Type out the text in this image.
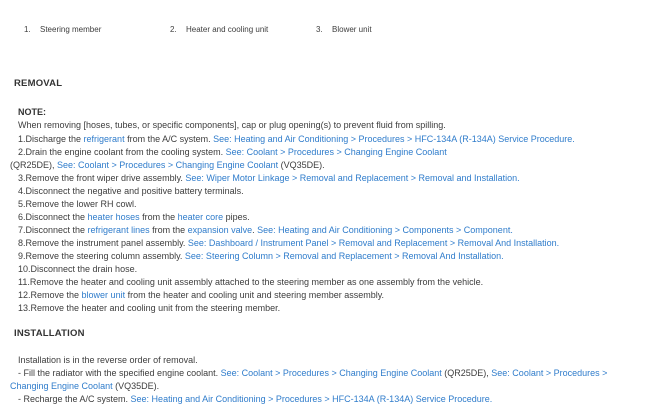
1. Steering member	2. Heater and cooling unit	3. Blower unit
REMOVAL
NOTE:
When removing [hoses, tubes, or specific components], cap or plug opening(s) to prevent fluid from spilling.
1.Discharge the refrigerant from the A/C system. See: Heating and Air Conditioning > Procedures > HFC-134A (R-134A) Service Procedure.
2.Drain the engine coolant from the cooling system. See: Coolant > Procedures > Changing Engine Coolant
(QR25DE), See: Coolant > Procedures > Changing Engine Coolant (VQ35DE).
3.Remove the front wiper drive assembly. See: Wiper Motor Linkage > Removal and Replacement > Removal and Installation.
4.Disconnect the negative and positive battery terminals.
5.Remove the lower RH cowl.
6.Disconnect the heater hoses from the heater core pipes.
7.Disconnect the refrigerant lines from the expansion valve. See: Heating and Air Conditioning > Components > Component.
8.Remove the instrument panel assembly. See: Dashboard / Instrument Panel > Removal and Replacement > Removal And Installation.
9.Remove the steering column assembly. See: Steering Column > Removal and Replacement > Removal And Installation.
10.Disconnect the drain hose.
11.Remove the heater and cooling unit assembly attached to the steering member as one assembly from the vehicle.
12.Remove the blower unit from the heater and cooling unit and steering member assembly.
13.Remove the heater and cooling unit from the steering member.
INSTALLATION
Installation is in the reverse order of removal.
- Fill the radiator with the specified engine coolant. See: Coolant > Procedures > Changing Engine Coolant (QR25DE), See: Coolant > Procedures >
Changing Engine Coolant (VQ35DE).
- Recharge the A/C system. See: Heating and Air Conditioning > Procedures > HFC-134A (R-134A) Service Procedure.
